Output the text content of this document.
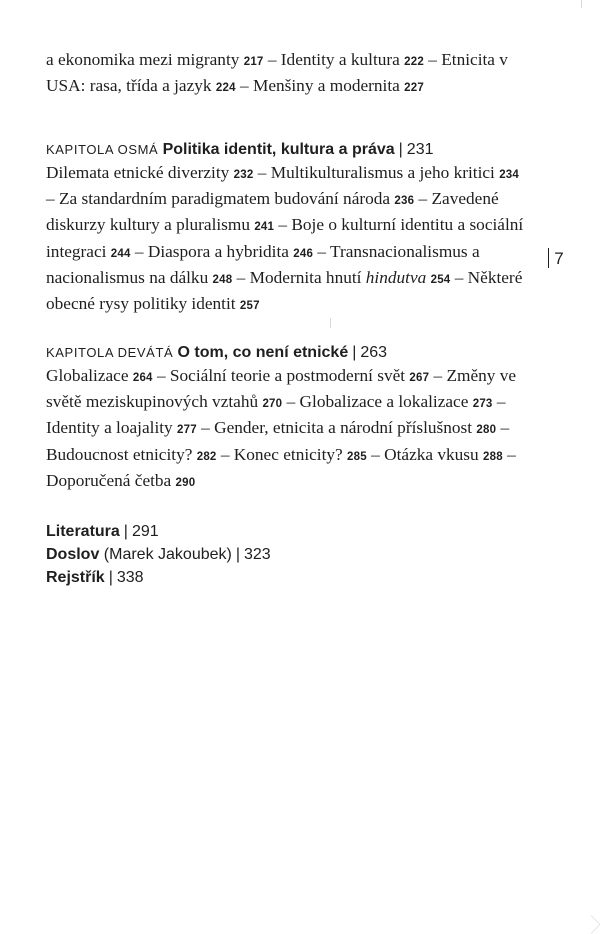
a ekonomika mezi migranty 217 – Identity a kultura 222 – Etnicita v USA: rasa, třída a jazyk 224 – Menšiny a modernita 227

KAPITOLA OSMÁ Politika identit, kultura a práva | 231

Dilemata etnické diverzity 232 – Multikulturalismus a jeho kritici 234 – Za standardním paradigmatem budování národa 236 – Zavedené diskurzy kultury a pluralismu 241 – Boje o kulturní identitu a sociální integraci 244 – Diaspora a hybridita 246 – Transnacionalismus a nacionalismus na dálku 248 – Modernita hnutí hindutva 254 – Některé obecné rysy politiky identit 257

KAPITOLA DEVÁTÁ O tom, co není etnické | 263

Globalizace 264 – Sociální teorie a postmoderní svět 267 – Změny ve světě meziskupinových vztahů 270 – Globalizace a lokalizace 273 – Identity a loajality 277 – Gender, etnicita a národní příslušnost 280 – Budoucnost etnicity? 282 – Konec etnicity? 285 – Otázka vkusu 288 – Doporučená četba 290

Literatura | 291

Doslov (Marek Jakoubek) | 323

Rejstřík | 338

7
